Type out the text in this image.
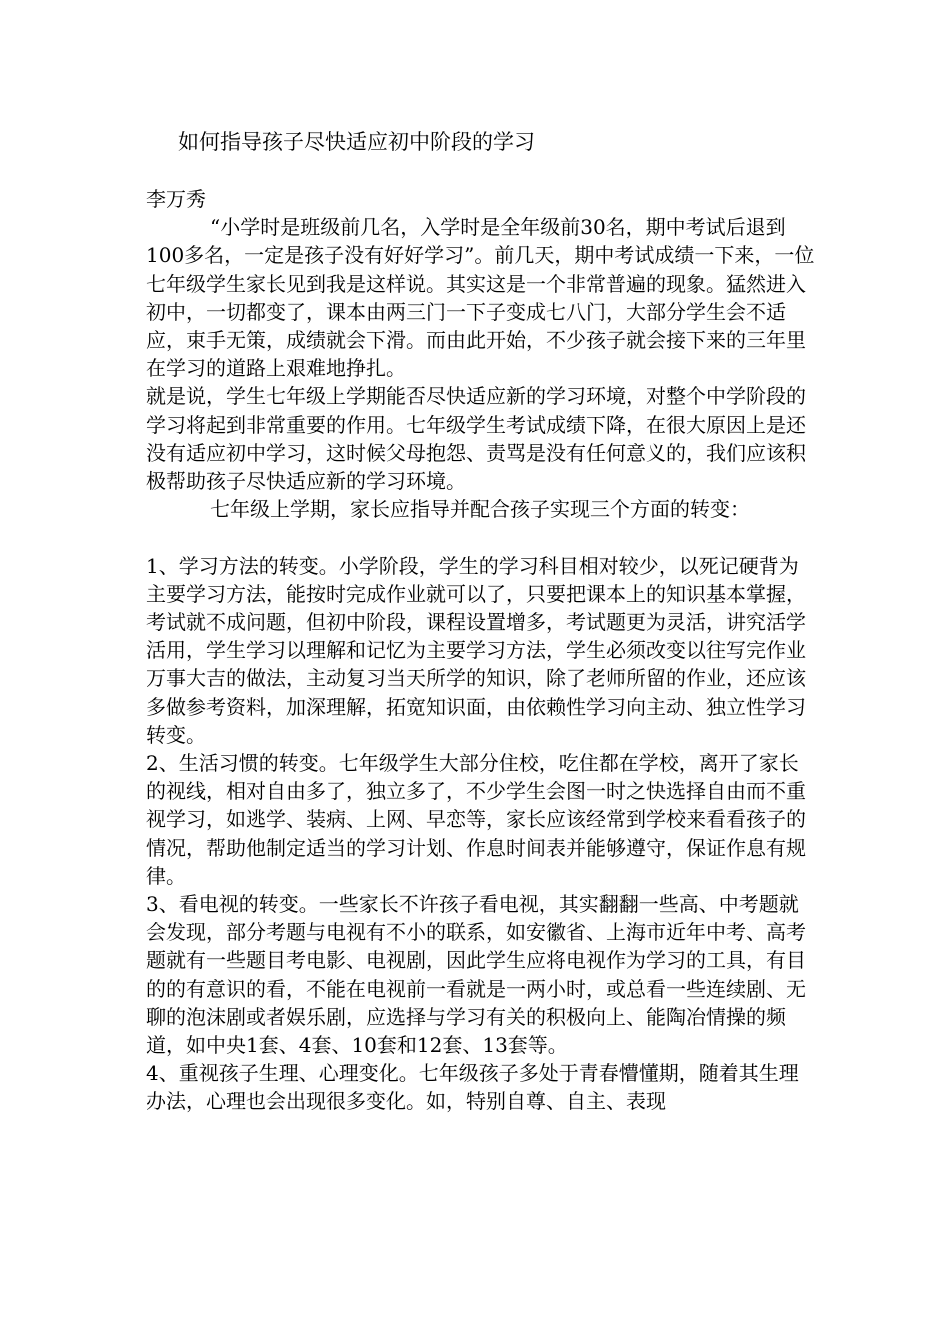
如何指导孩子尽快适应初中阶段的学习

李万秀

“小学时是班级前几名，入学时是全年级前30名，期中考试后退到100多名，一定是孩子没有好好学习”。前几天，期中考试成绩一下来，一位七年级学生家长见到我是这样说。其实这是一个非常普遍的现象。猛然进入初中，一切都变了，课本由两三门一下子变成七八门，大部分学生会不适应，束手无策，成绩就会下滑。而由此开始，不少孩子就会接下来的三年里在学习的道路上艰难地挣扎。

就是说，学生七年级上学期能否尽快适应新的学习环境，对整个中学阶段的学习将起到非常重要的作用。七年级学生考试成绩下降，在很大原因上是还没有适应初中学习，这时候父母抱怨、责骂是没有任何意义的，我们应该积极帮助孩子尽快适应新的学习环境。

七年级上学期，家长应指导并配合孩子实现三个方面的转变：

1、学习方法的转变。小学阶段，学生的学习科目相对较少，以死记硬背为主要学习方法，能按时完成作业就可以了，只要把课本上的知识基本掌握，考试就不成问题，但初中阶段，课程设置增多，考试题更为灵活，讲究活学活用，学生学习以理解和记忆为主要学习方法，学生必须改变以往写完作业万事大吉的做法，主动复习当天所学的知识，除了老师所留的作业，还应该多做参考资料，加深理解，拓宽知识面，由依赖性学习向主动、独立性学习转变。

2、生活习惯的转变。七年级学生大部分住校，吃住都在学校，离开了家长的视线，相对自由多了，独立多了，不少学生会图一时之快选择自由而不重视学习，如逃学、装病、上网、早恋等，家长应该经常到学校来看看孩子的情况，帮助他制定适当的学习计划、作息时间表并能够遵守，保证作息有规律。

3、看电视的转变。一些家长不许孩子看电视，其实翻翻一些高、中考题就会发现，部分考题与电视有不小的联系，如安徽省、上海市近年中考、高考题就有一些题目考电影、电视剧，因此学生应将电视作为学习的工具，有目的的有意识的看，不能在电视前一看就是一两小时，或总看一些连续剧、无聊的泡沫剧或者娱乐剧，应选择与学习有关的积极向上、能陶冶情操的频道，如中央1套、4套、10套和12套、13套等。

4、重视孩子生理、心理变化。七年级孩子多处于青春懵懂期，随着其生理办法，心理也会出现很多变化。如，特别自尊、自主、表现
